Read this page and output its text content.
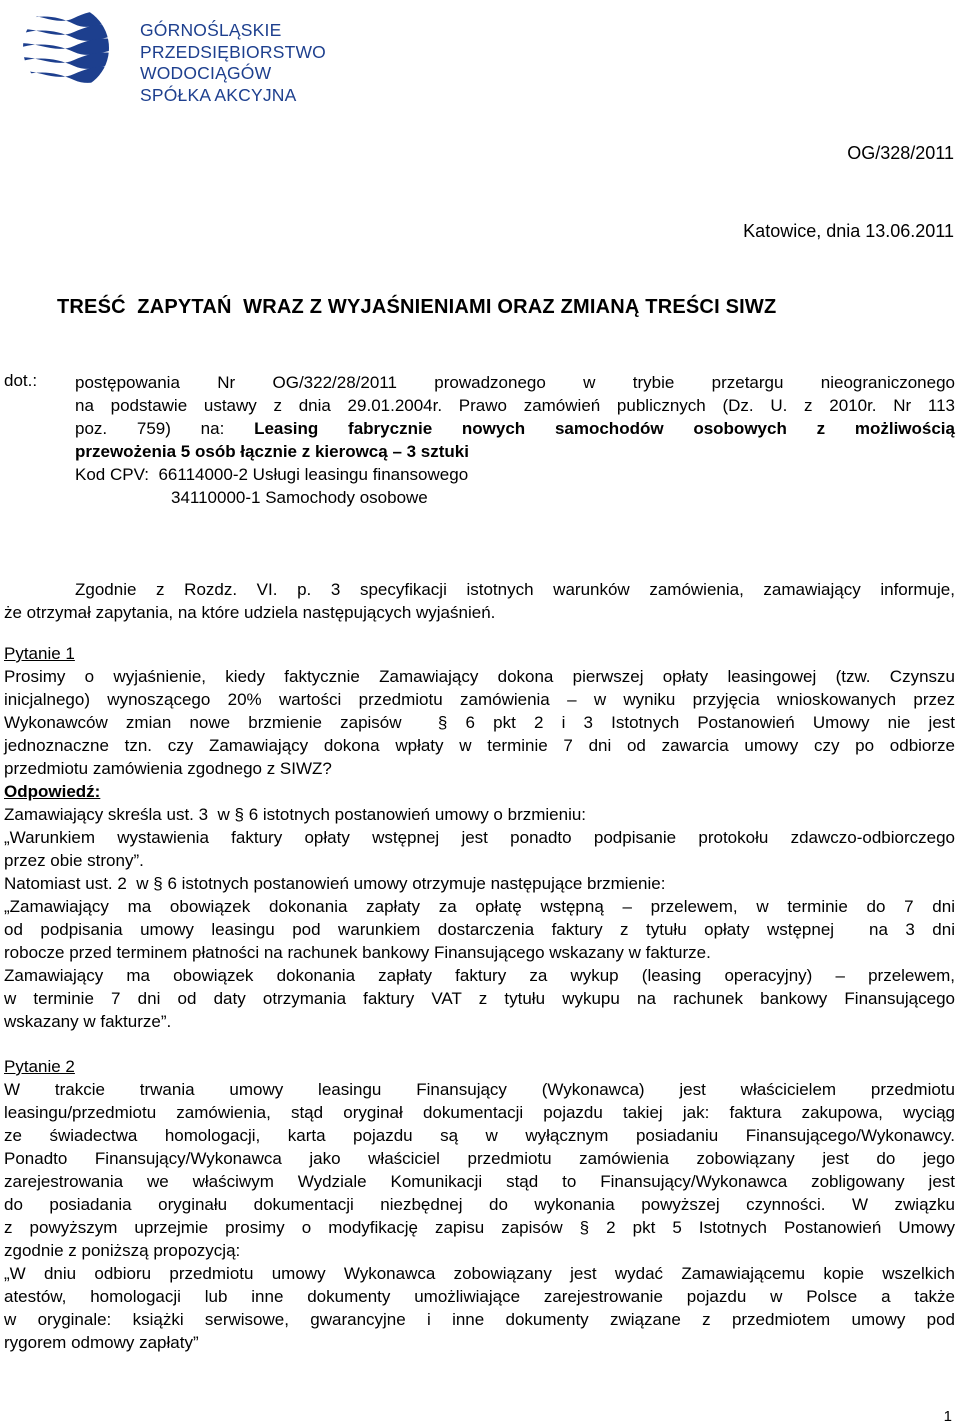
GÓRNOŚLĄSKIE
PRZEDSIĘBIORSTWO
WODOCIĄGÓW
SPÓŁKA AKCYJNA
OG/328/2011
Katowice, dnia 13.06.2011
TREŚĆ  ZAPYTAŃ  WRAZ Z WYJAŚNIENIAMI ORAZ ZMIANĄ TREŚCI SIWZ
dot.: postępowania Nr OG/322/28/2011 prowadzonego w trybie przetargu nieograniczonego
na podstawie ustawy z dnia 29.01.2004r. Prawo zamówień publicznych (Dz. U. z 2010r. Nr 113
poz. 759) na: Leasing fabrycznie nowych samochodów osobowych z możliwością
przewożenia 5 osób łącznie z kierowcą – 3 sztuki
Kod CPV:  66114000-2 Usługi leasingu finansowego
34110000-1 Samochody osobowe
Zgodnie z Rozdz. VI. p. 3 specyfikacji istotnych warunków zamówienia, zamawiający informuje,
że otrzymał zapytania, na które udziela następujących wyjaśnień.
Pytanie 1
Prosimy o wyjaśnienie, kiedy faktycznie Zamawiający dokona pierwszej opłaty leasingowej (tzw. Czynszu
inicjalnego) wynoszącego 20% wartości przedmiotu zamówienia – w wyniku przyjęcia wnioskowanych przez
Wykonawców zmian nowe brzmienie zapisów  § 6 pkt 2 i 3 Istotnych Postanowień Umowy nie jest
jednoznaczne tzn. czy Zamawiający dokona wpłaty w terminie 7 dni od zawarcia umowy czy po odbiorze
przedmiotu zamówienia zgodnego z SIWZ?
Odpowiedź:
Zamawiający skreśla ust. 3  w § 6 istotnych postanowień umowy o brzmieniu:
„Warunkiem wystawienia faktury opłaty wstępnej jest ponadto podpisanie protokołu zdawczo-odbiorczego
przez obie strony”.
Natomiast ust. 2  w § 6 istotnych postanowień umowy otrzymuje następujące brzmienie:
„Zamawiający ma obowiązek dokonania zapłaty za opłatę wstępną – przelewem, w terminie do 7 dni
od podpisania umowy leasingu pod warunkiem dostarczenia faktury z tytułu opłaty wstępnej  na 3 dni
robocze przed terminem płatności na rachunek bankowy Finansującego wskazany w fakturze.
Zamawiający ma obowiązek dokonania zapłaty faktury za wykup (leasing operacyjny) – przelewem,
w terminie 7 dni od daty otrzymania faktury VAT z tytułu wykupu na rachunek bankowy Finansującego
wskazany w fakturze”.
Pytanie 2
W trakcie trwania umowy leasingu Finansujący (Wykonawca) jest właścicielem przedmiotu
leasingu/przedmiotu zamówienia, stąd oryginał dokumentacji pojazdu takiej jak: faktura zakupowa, wyciąg
ze świadectwa homologacji, karta pojazdu są w wyłącznym posiadaniu Finansującego/Wykonawcy.
Ponadto Finansujący/Wykonawca jako właściciel przedmiotu zamówienia zobowiązany jest do jego
zarejestrowania we właściwym Wydziale Komunikacji stąd to Finansujący/Wykonawca zobligowany jest
do posiadania oryginału dokumentacji niezbędnej do wykonania powyższej czynności. W związku
z powyższym uprzejmie prosimy o modyfikację zapisu zapisów § 2 pkt 5 Istotnych Postanowień Umowy
zgodnie z poniższą propozycją:
„W dniu odbioru przedmiotu umowy Wykonawca zobowiązany jest wydać Zamawiającemu kopie wszelkich
atestów, homologacji lub inne dokumenty umożliwiające zarejestrowanie pojazdu w Polsce a także
w oryginale: książki serwisowe, gwarancyjne i inne dokumenty związane z przedmiotem umowy pod
rygorem odmowy zapłaty”
1
